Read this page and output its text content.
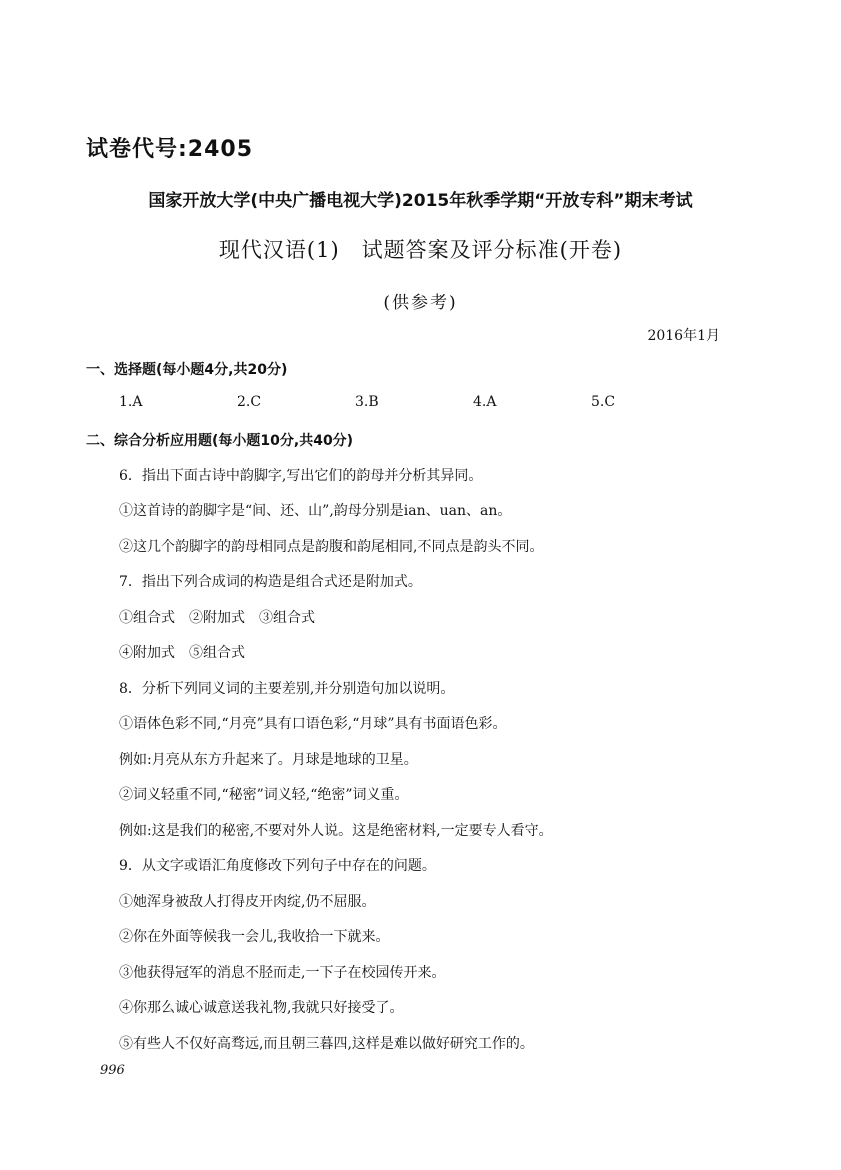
试卷代号:2405
国家开放大学(中央广播电视大学)2015年秋季学期“开放专科”期末考试
现代汉语(1)　试题答案及评分标准(开卷)
(供参考)
2016年1月
一、选择题(每小题4分,共20分)
1.A	2.C	3.B	4.A	5.C
二、综合分析应用题(每小题10分,共40分)
6．指出下面古诗中韵脚字,写出它们的韵母并分析其异同。
①这首诗的韵脚字是“间、还、山”,韵母分别是ian、uan、an。
②这几个韵脚字的韵母相同点是韵腹和韵尾相同,不同点是韵头不同。
7．指出下列合成词的构造是组合式还是附加式。
①组合式　②附加式　③组合式
④附加式　⑤组合式
8．分析下列同义词的主要差别,并分别造句加以说明。
①语体色彩不同,“月亮”具有口语色彩,“月球”具有书面语色彩。
例如:月亮从东方升起来了。月球是地球的卫星。
②词义轻重不同,“秘密”词义轻,“绝密”词义重。
例如:这是我们的秘密,不要对外人说。这是绝密材料,一定要专人看守。
9．从文字或语汇角度修改下列句子中存在的问题。
①她浑身被敌人打得皮开肉绽,仍不屈服。
②你在外面等候我一会儿,我收拾一下就来。
③他获得冠军的消息不胫而走,一下子在校园传开来。
④你那么诚心诚意送我礼物,我就只好接受了。
⑤有些人不仅好高骛远,而且朝三暮四,这样是难以做好研究工作的。
996
